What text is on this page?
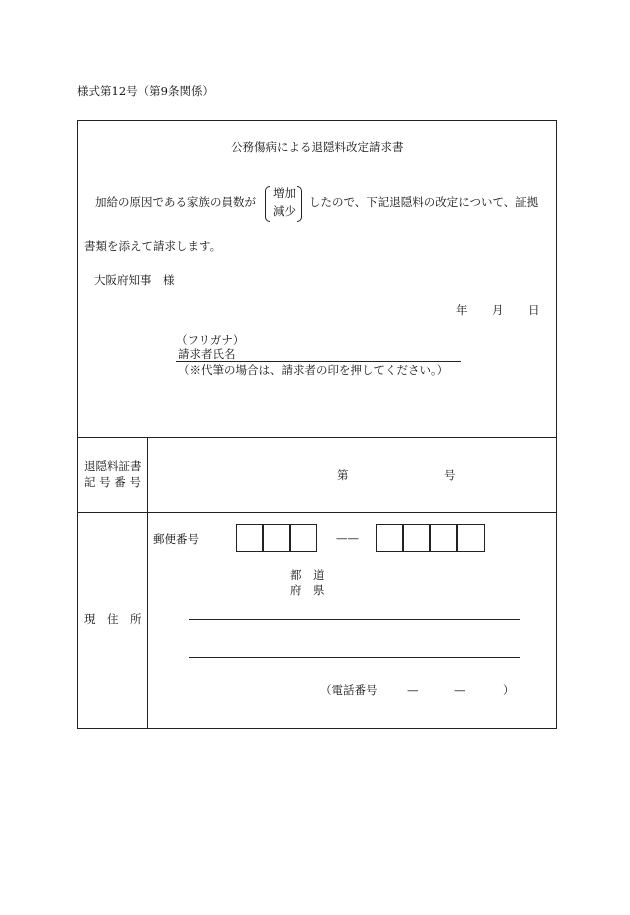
様式第12号（第9条関係）
公務傷病による退隠料改定請求書
加給の原因である家族の員数が
増加
減少
したので、下記退隠料の改定について、証拠
書類を添えて請求します。
大阪府知事　様
年 月 日
（フリガナ）
請求者氏名
（※代筆の場合は、請求者の印を押してください。）
退隠料証書
記 号 番 号	第	号
郵便番号	——
都　道
府　県
現　住　所
（電話番号	—	—	）
